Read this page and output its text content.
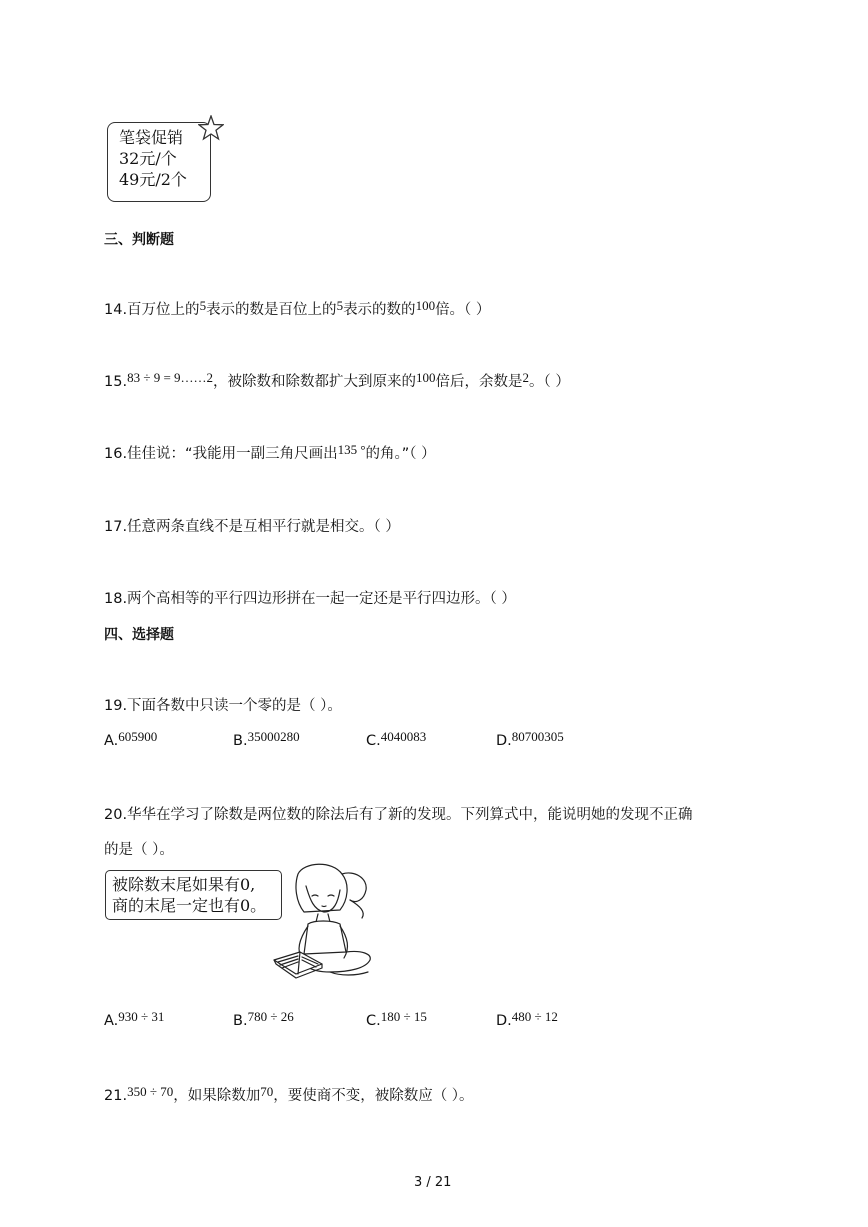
笔袋促销
32元/个
49元/2个
三、判断题
14.百万位上的5表示的数是百位上的5表示的数的100倍。（ ）
15.83 ÷ 9 = 9……2，被除数和除数都扩大到原来的100倍后，余数是2。（ ）
16.佳佳说：“我能用一副三角尺画出135 °的角。”（ ）
17.任意两条直线不是互相平行就是相交。（ ）
18.两个高相等的平行四边形拼在一起一定还是平行四边形。（ ）
四、选择题
19.下面各数中只读一个零的是（ ）。
A.605900	B.35000280	C.4040083	D.80700305
20.华华在学习了除数是两位数的除法后有了新的发现。下列算式中，能说明她的发现不正确
的是（ ）。
被除数末尾如果有0,
商的末尾一定也有0。
A.930 ÷ 31	B.780 ÷ 26	C.180 ÷ 15	D.480 ÷ 12
21.350 ÷ 70，如果除数加70，要使商不变，被除数应（ ）。
3 / 21
